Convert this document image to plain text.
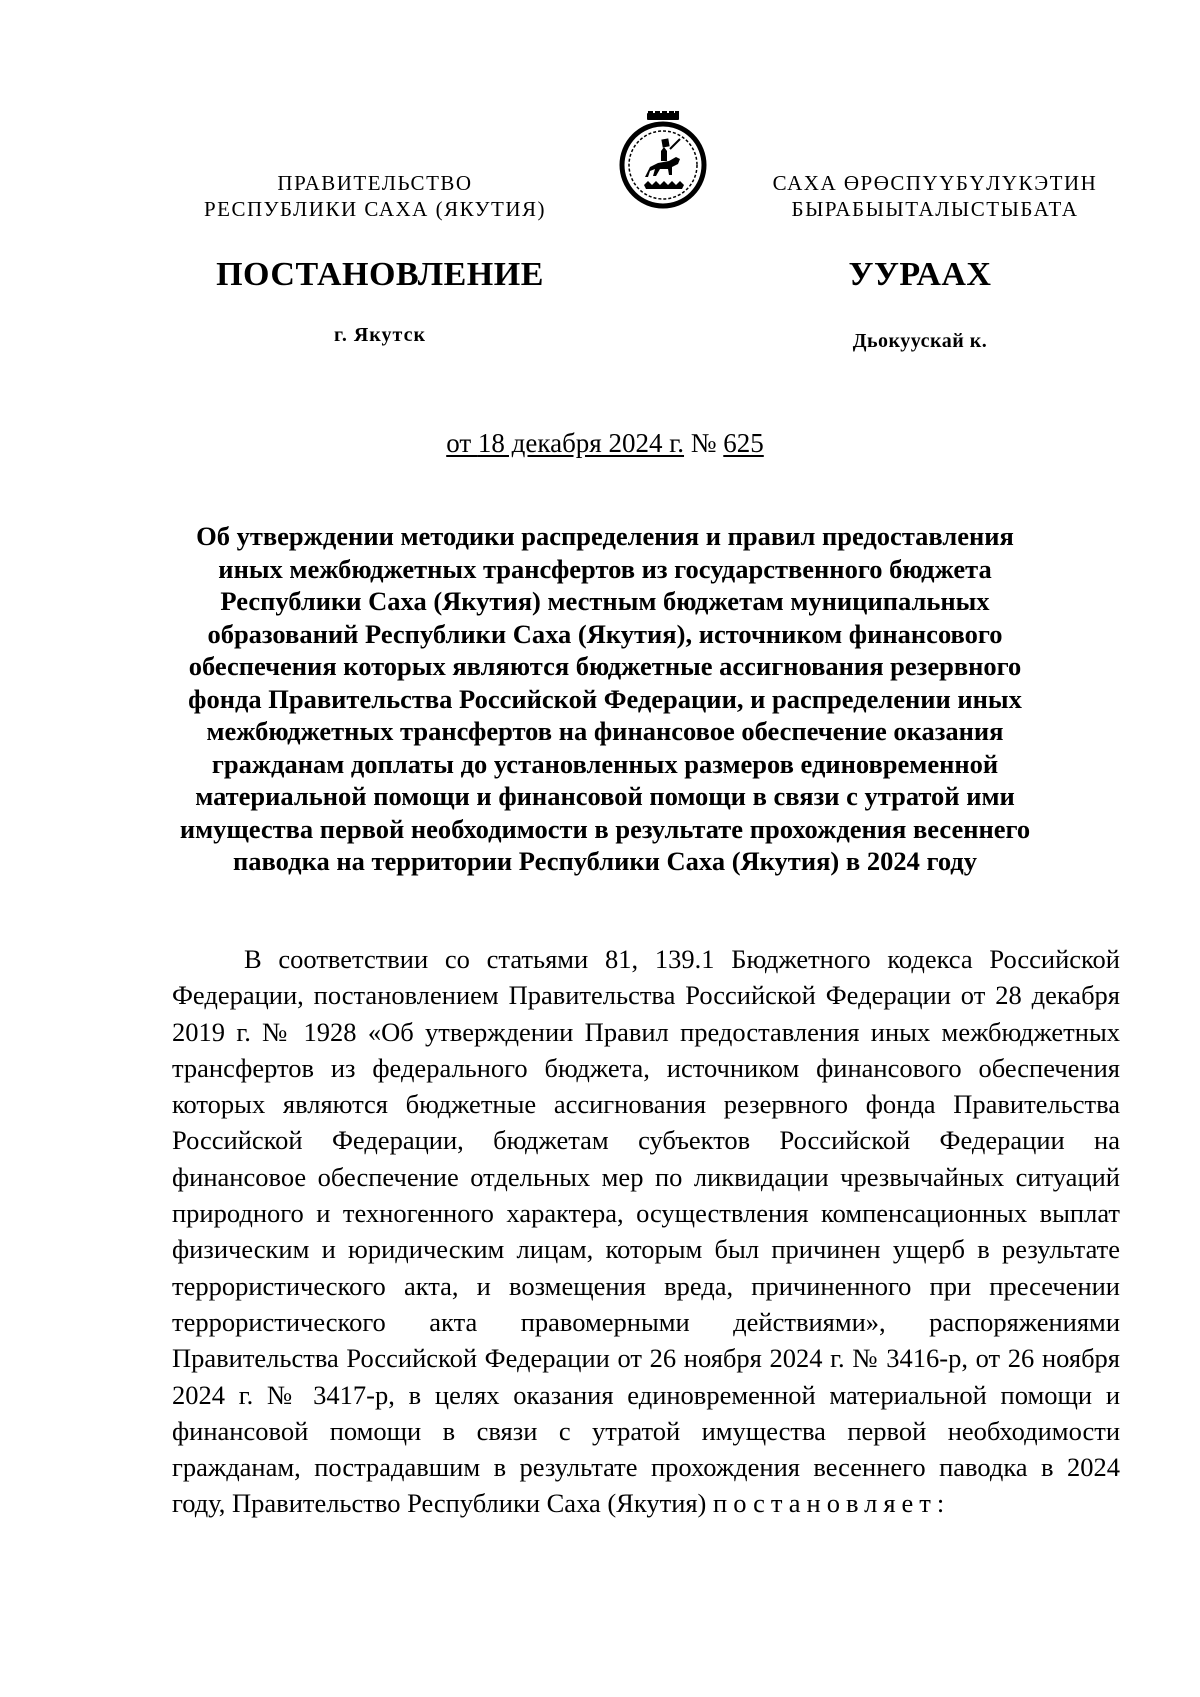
ПРАВИТЕЛЬСТВО
РЕСПУБЛИКИ САХА (ЯКУТИЯ)
САХА ӨРӨСПҮҮБҮЛҮКЭТИН
БЫРАБЫЫТАЛЫСТЫБАТА
ПОСТАНОВЛЕНИЕ	УУРААХ
г. Якутск	Дьокуускай к.
от 18 декабря 2024 г. № 625
Об утверждении методики распределения и правил предоставления иных межбюджетных трансфертов из государственного бюджета Республики Саха (Якутия) местным бюджетам муниципальных образований Республики Саха (Якутия), источником финансового обеспечения которых являются бюджетные ассигнования резервного фонда Правительства Российской Федерации, и распределении иных межбюджетных трансфертов на финансовое обеспечение оказания гражданам доплаты до установленных размеров единовременной материальной помощи и финансовой помощи в связи с утратой ими имущества первой необходимости в результате прохождения весеннего паводка на территории Республики Саха (Якутия) в 2024 году
В соответствии со статьями 81, 139.1 Бюджетного кодекса Российской Федерации, постановлением Правительства Российской Федерации от 28 декабря 2019 г. № 1928 «Об утверждении Правил предоставления иных межбюджетных трансфертов из федерального бюджета, источником финансового обеспечения которых являются бюджетные ассигнования резервного фонда Правительства Российской Федерации, бюджетам субъектов Российской Федерации на финансовое обеспечение отдельных мер по ликвидации чрезвычайных ситуаций природного и техногенного характера, осуществления компенсационных выплат физическим и юридическим лицам, которым был причинен ущерб в результате террористического акта, и возмещения вреда, причиненного при пресечении террористического акта правомерными действиями», распоряжениями Правительства Российской Федерации от 26 ноября 2024 г. № 3416-р, от 26 ноября 2024 г. № 3417-р, в целях оказания единовременной материальной помощи и финансовой помощи в связи с утратой имущества первой необходимости гражданам, пострадавшим в результате прохождения весеннего паводка в 2024 году, Правительство Республики Саха (Якутия) постановляет:
